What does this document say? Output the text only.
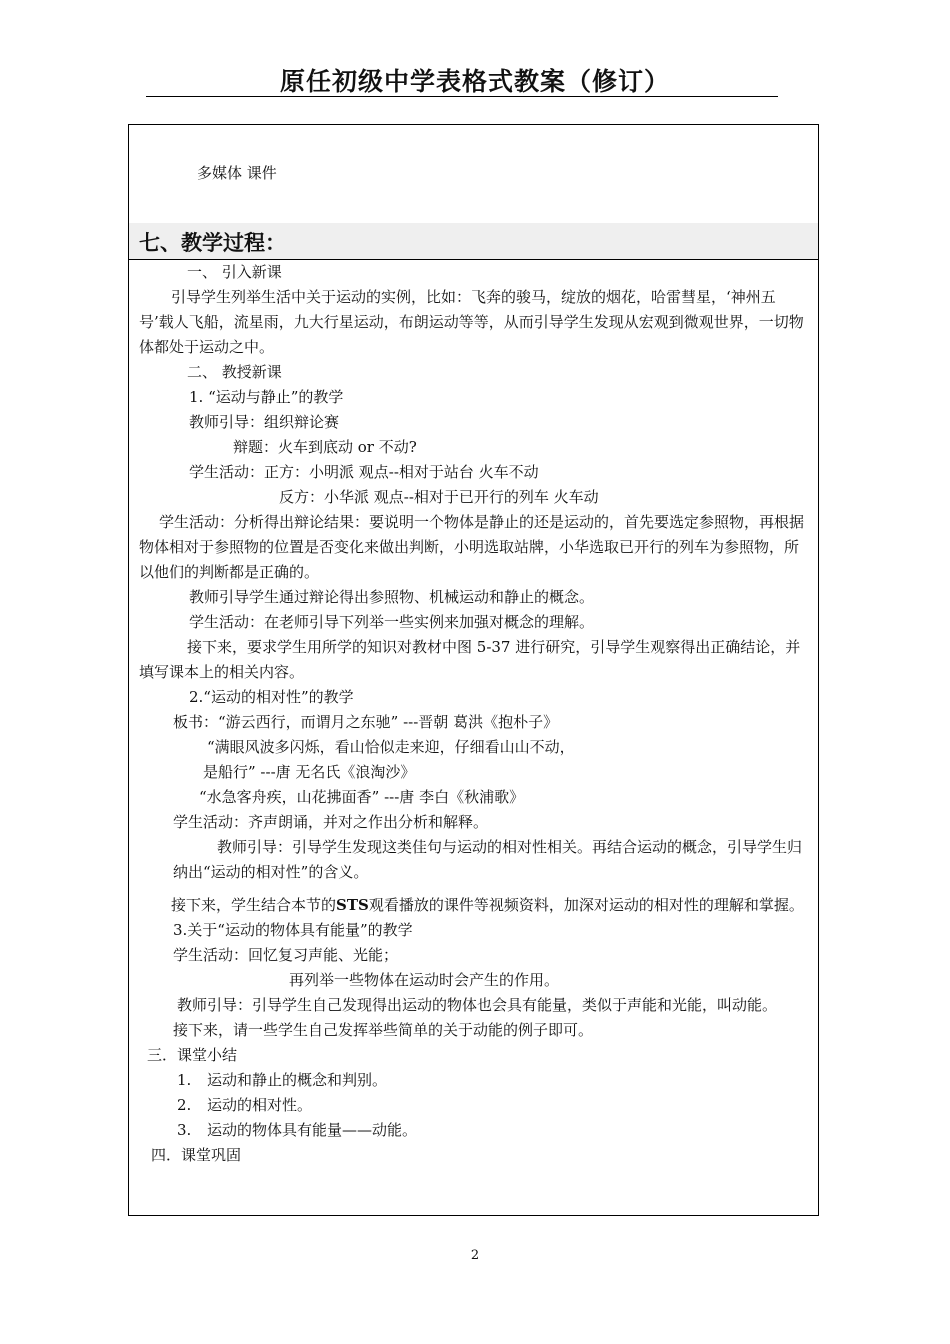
原任初级中学表格式教案（修订）
多媒体 课件
七、教学过程：

一、 引入新课

引导学生列举生活中关于运动的实例，比如：飞奔的骏马，绽放的烟花，哈雷彗星，‘神州五号’载人飞船，流星雨，九大行星运动，布朗运动等等，从而引导学生发现从宏观到微观世界，一切物体都处于运动之中。

二、 教授新课

1. “运动与静止”的教学

教师引导：组织辩论赛

辩题：火车到底动 or 不动?

学生活动：正方：小明派 观点--相对于站台 火车不动

反方：小华派 观点--相对于已开行的列车 火车动

学生活动：分析得出辩论结果：要说明一个物体是静止的还是运动的，首先要选定参照物，再根据物体相对于参照物的位置是否变化来做出判断，小明选取站牌，小华选取已开行的列车为参照物，所以他们的判断都是正确的。

教师引导学生通过辩论得出参照物、机械运动和静止的概念。

学生活动：在老师引导下列举一些实例来加强对概念的理解。

接下来，要求学生用所学的知识对教材中图 5-37 进行研究，引导学生观察得出正确结论，并填写课本上的相关内容。

2.“运动的相对性”的教学

板书：“游云西行，而谓月之东驰” ---晋朝 葛洪《抱朴子》

“满眼风波多闪烁，看山恰似走来迎，仔细看山山不动，

是船行” ---唐 无名氏《浪淘沙》

“水急客舟疾，山花拂面香” ---唐 李白《秋浦歌》

学生活动：齐声朗诵，并对之作出分析和解释。

教师引导：引导学生发现这类佳句与运动的相对性相关。再结合运动的概念，引导学生归纳出“运动的相对性”的含义。

接下来，学生结合本节的STS观看播放的课件等视频资料，加深对运动的相对性的理解和掌握。

3.关于“运动的物体具有能量”的教学

学生活动：回忆复习声能、光能；

再列举一些物体在运动时会产生的作用。

教师引导：引导学生自己发现得出运动的物体也会具有能量，类似于声能和光能，叫动能。

接下来，请一些学生自己发挥举些简单的关于动能的例子即可。

三．课堂小结

1. 运动和静止的概念和判别。

2. 运动的相对性。

3. 运动的物体具有能量——动能。

四．课堂巩固

2
